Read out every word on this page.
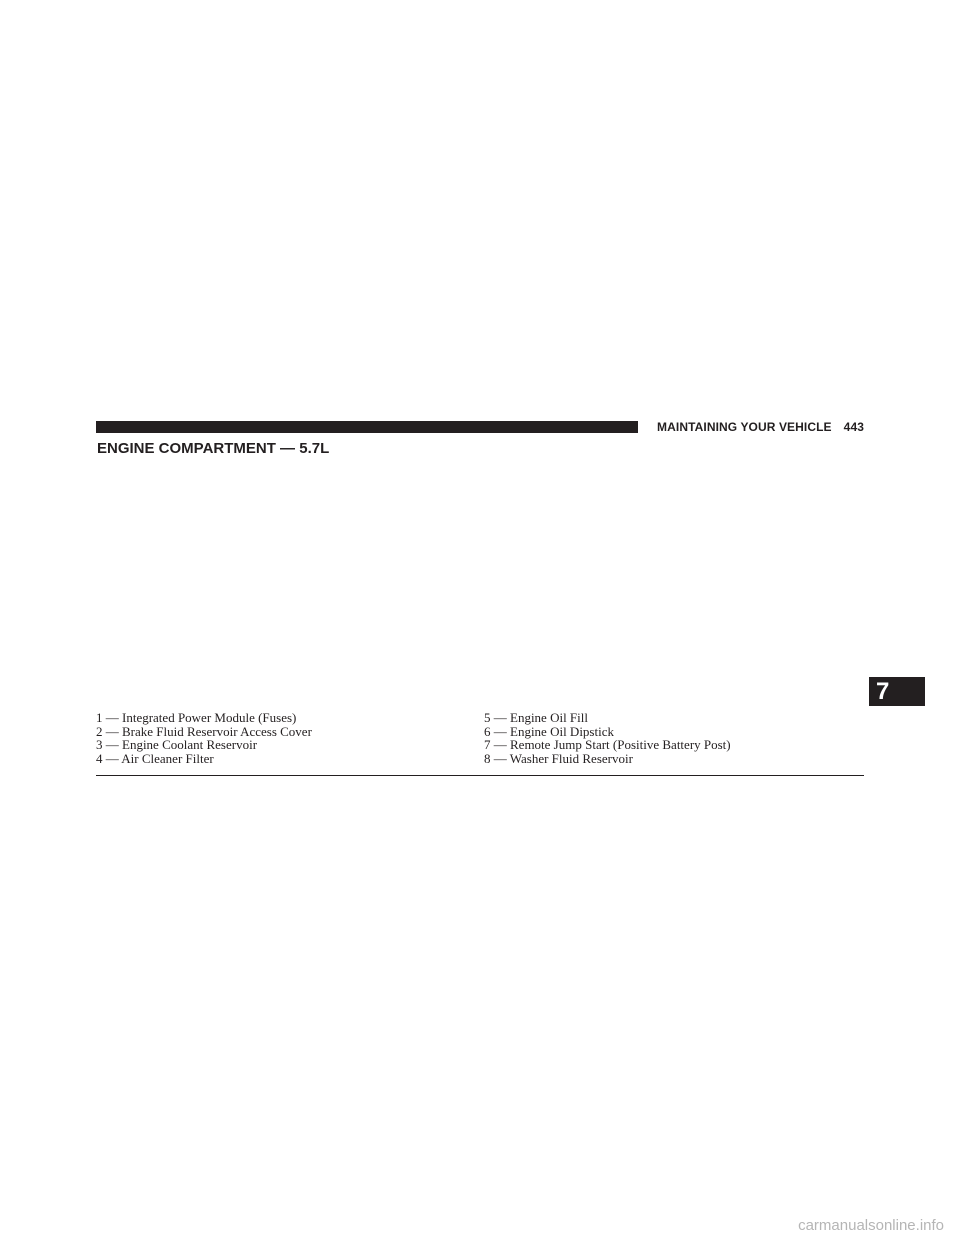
MAINTAINING YOUR VEHICLE 443
ENGINE COMPARTMENT — 5.7L
1 — Integrated Power Module (Fuses)
2 — Brake Fluid Reservoir Access Cover
3 — Engine Coolant Reservoir
4 — Air Cleaner Filter
5 — Engine Oil Fill
6 — Engine Oil Dipstick
7 — Remote Jump Start (Positive Battery Post)
8 — Washer Fluid Reservoir
7
carmanualsonline.info
